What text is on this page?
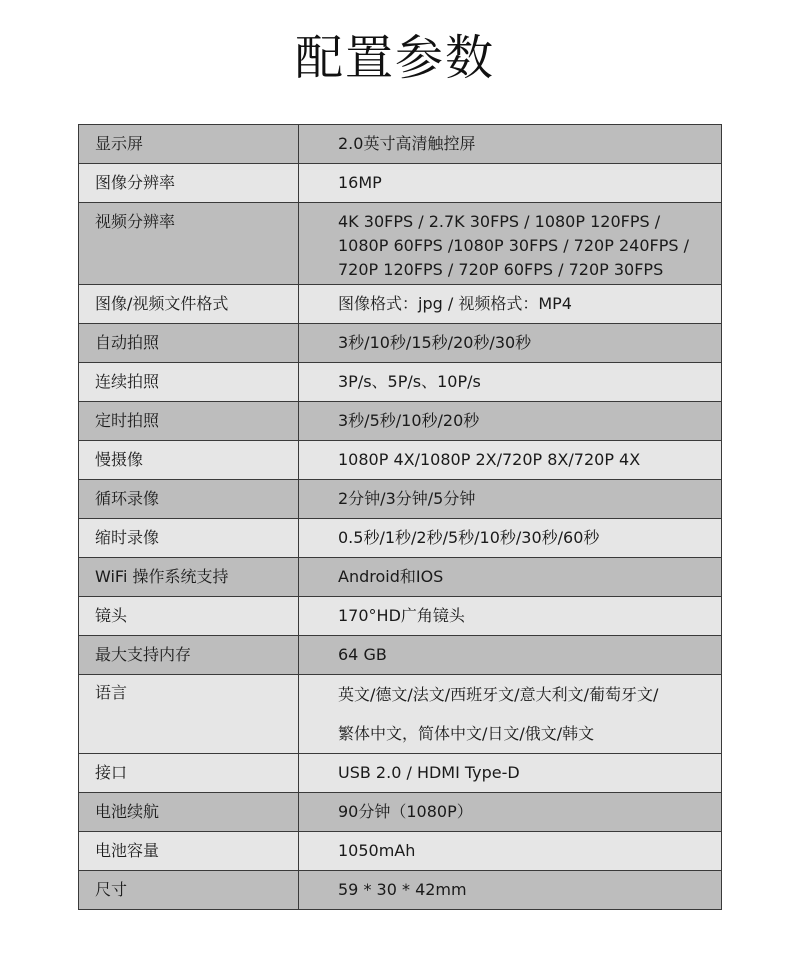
配置参数
显示屏	2.0英寸高清触控屏

图像分辨率	16MP

视频分辨率	4K 30FPS / 2.7K 30FPS / 1080P 120FPS /
1080P 60FPS /1080P 30FPS / 720P 240FPS /
720P 120FPS / 720P 60FPS / 720P 30FPS

图像/视频文件格式	图像格式：jpg / 视频格式：MP4

自动拍照	3秒/10秒/15秒/20秒/30秒

连续拍照	3P/s、5P/s、10P/s

定时拍照	3秒/5秒/10秒/20秒

慢摄像	1080P 4X/1080P 2X/720P 8X/720P 4X

循环录像	2分钟/3分钟/5分钟

缩时录像	0.5秒/1秒/2秒/5秒/10秒/30秒/60秒

WiFi 操作系统支持	Android和IOS

镜头	170°HD广角镜头

最大支持内存	64 GB

语言	英文/德文/法文/西班牙文/意大利文/葡萄牙文/
繁体中文，简体中文/日文/俄文/韩文

接口	USB 2.0 / HDMI Type-D

电池续航	90分钟（1080P）

电池容量	1050mAh

尺寸	59 * 30 * 42mm
